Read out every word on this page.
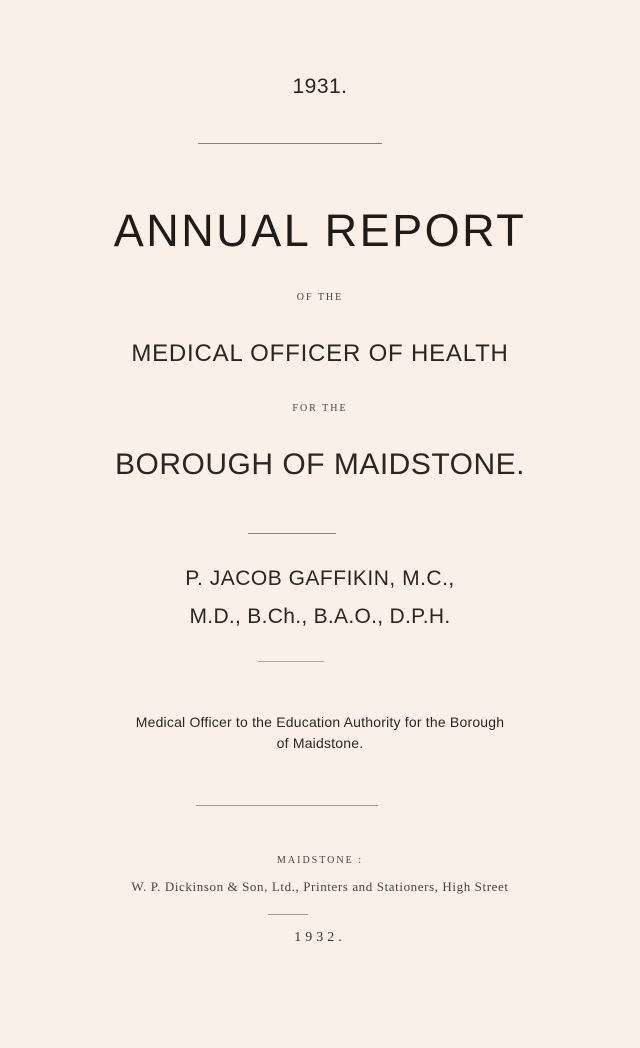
1931.
ANNUAL REPORT
OF THE
MEDICAL OFFICER OF HEALTH
FOR THE
BOROUGH OF MAIDSTONE.
P. JACOB GAFFIKIN, M.C.,
M.D., B.Ch., B.A.O., D.P.H.
Medical Officer to the Education Authority for the Borough
of Maidstone.
MAIDSTONE :
W. P. Dickinson & Son, Ltd., Printers and Stationers, High Street
1932.
